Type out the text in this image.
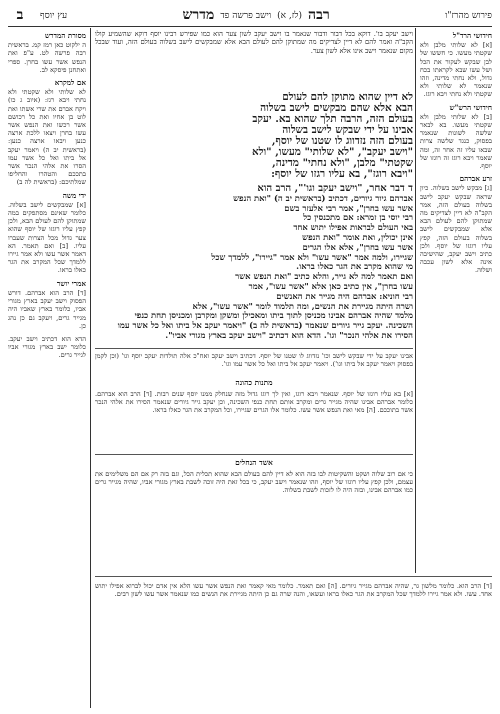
פירוש מהרז"ו
רבה
(לז, א)
וישב פרשה פד
מדרש
עץ יוסף
ב
חידושי הרד"ל
[א] לא שלותי מלבן ולא שקטתי מעשו. כי חששו של לבן שבקש לעקור את הכל ושל עשו שבא לקראתו בכח גדול, ולא נחתי מדינה, וזהו שנאמר לא שלותי ולא שקטתי ולא נחתי ויבא רוגז.
חידושי הרש"ש
[ב] לא שלותי מלבן ולא שקטתי מעשו. בא לבאר שלשה לשונות שנאמר בפסוק, כנגד שלשה צרות שבאו עליו זה אחר זה, ומה שאמר ויבא רוגז זה רוגזו של יוסף.
זרע אברהם
[ג] מבקש לישב בשלוה. כיון שראה שבקש יעקב לישב בשלוה בעולם הזה, אמר הקב"ה לא דיין לצדיקים מה שמתוקן להם לעולם הבא אלא שמבקשים לישב בשלוה בעולם הזה, קפץ עליו רוגזו של יוסף. ולכן כתיב וישב יעקב, שהישיבה אינה אלא לשון עכבה ושלוה.
מסורת המדרש
ה ילקוט כאן רמז קמ. בראשית רבה פרשה לט. ע"פ ואת הנפש אשר עשו בחרן. ספרי ואתחנן פיסקא לב.
אם למקרא
לא שלותי ולא שקטתי ולא נחתי ויבא רגז: (איוב ג כו) ויקח אברם את שרי אשתו ואת לוט בן אחיו ואת כל רכושם אשר רכשו ואת הנפש אשר עשו בחרן ויצאו ללכת ארצה כנען ויבאו ארצה כנען: (בראשית יב ה) ויאמר יעקב אל ביתו ואל כל אשר עמו הסרו את אלהי הנכר אשר בתככם והטהרו והחליפו שמלתיכם: (בראשית לה ב)
ידי משה
[א] שמבקשים לישב בשלוה. כלומר שאינם מסתפקים במה שמתוקן להם לעולם הבא, ולכן קפץ עליו רוגזו של יוסף שהוא צער גדול מכל הצרות שעברו עליו. [ב] ואם תאמר. הא דאמר אשר עשו ולא אמר גיירו ללמדך שכל המקרב את הגר כאלו בראו.
אמרי יושר
[ד] הרב הוא אברהם. דורש הפסוק וישב יעקב בארץ מגורי אביו, כלומר בארץ שאביו היה מגייר גרים, ויעקב גם כן נהג כן.
הדא הוא דכתיב וישב יעקב. כלומר ישב בארץ מגורי אביו לגייר גרים.

וישב יעקב בו'. דוקא בכל דבור ודבור שנאמר בו וישב יעקב לשון צער הוא כמו שפירש רבינו יוסף דוקא שהשמיע קולו הקב"ה ואמר להם לא דיין לצדיקים מה שמתוקן להם לעולם הבא אלא שמבקשים לישב בשלוה בעולם הזה, ועוד שבכל מקום שנאמר וישב אינו אלא לשון צער.

לא דיין שהוא מתוקן להם לעולם

הבא אלא שהם מבקשים לישב בשלוה

בעולם הזה, הרבה תלך שהוא בא. יעקב

אבינו על ידי שבקש לישב בשלוה

בעולם הזה נזדווג לו שטנו של יוסף,

"וישב יעקב", "לא שלותי" מעשו, "ולא

שקטתי" מלבן, "ולא נחתי" מדינה,

"ויבא רוגז", בא עליו רגזו של יוסף:

ד דבר אחר, "וישב יעקב וגו'", הרב הוא

אברהם גיור גיורים, דכתיב (בראשית יב ה) "ואת הנפש

אשר עשו בחרן", אמר רבי אלעזר בשם

רבי יוסי בן זמרא: אם מתכנסין כל

באי העולם לבראות אפילו יתוש אחד

אינן יכולין, ואת אומר "ואת הנפש

אשר עשו בחרן", אלא אלו הגרים

שגיירו, ולמה אמר "אשר עשו" ולא אמר "גיירו", ללמדך שכל

מי שהוא מקרב את הגר כאלו בראו.

ואם תאמר למה לא גייר, והלא כתיב "ואת הנפש אשר

עשו בחרן", אין כתיב כאן אלא "אשר עשו", אמר

רבי חוניא: אברהם היה מגייר את האנשים

ושרה היתה מגיירת את הנשים, ומה תלמוד לומר "אשר עשו", אלא

מלמד שהיה אברהם אבינו מכניסן לתוך ביתו ומאכילן ומשקן ומקרבן ומכניסן תחת כנפי

השכינה. יעקב גייר גיורים שנאמר (בראשית לה ב) "ויאמר יעקב אל ביתו ואל כל אשר עמו

הסירו את אלהי הנכר" וגו'. הדא הוא דכתיב "וישב יעקב בארץ מגורי אביו".

אבינו יעקב על ידי שבקש לישב וכו' נזדווג לו שטנו של יוסף. דכתיב וישב יעקב ואח"כ אלה תולדות יעקב יוסף וגו' (וכן לקמן בפסוק ויאמר יעקב אל ביתו וגו'). ויאמר יעקב אל ביתו ואל כל אשר עמו וגו'.

מתנות כהונה

[א] בא עליו רוגזו של יוסף. שנאמר ויבא רוגז, ואין לך רוגז גדול מזה שנחלק ממנו יוסף שנים רבות. [ד] הרב הוא אברהם. כלומר אברהם אבינו שהיה מגייר גרים ומקרב אותם תחת כנפי השכינה, וכן יעקב גייר גיורים שנאמר הסירו את אלהי הנכר אשר בתוככם. [ה] מאי ואת הנפש אשר עשו. כלומר אלו הגרים שגיירו, וכל המקרב את הגר כאלו בראו.

אשד הנחלים

כי אם רוב שלוה ושקט והשקיטות לבו בזה הוא לא דיין להם בעולם הבא שהוא תכלית הכל, וגם בזה רק אם הם משלימים את עצמם, ולכן קפץ עליו רוגזו של יוסף, וזהו שנאמר וישב יעקב, כי בכל זאת היה זוכה לשבת בארץ מגורי אביו, שהיה מגייר גרים כמו אברהם אבינו, ובזה היה לו לזכות לשבת בשלוה.

[ד] הרב הוא. כלומר מלשון גר, שהיה אברהם מגייר גיורים. [ה] ואם תאמר. כלומר מאי קאמר ואת הנפש אשר עשו הלא אין אדם יכול לברוא אפילו יתוש אחד. עשו. ולא אמר גיירו ללמדך שכל המקרב את הגר כאלו בראו ועשאו, והנה שרה גם כן היתה מגיירת את הנשים כמו שנאמר אשר עשו לשון רבים.
